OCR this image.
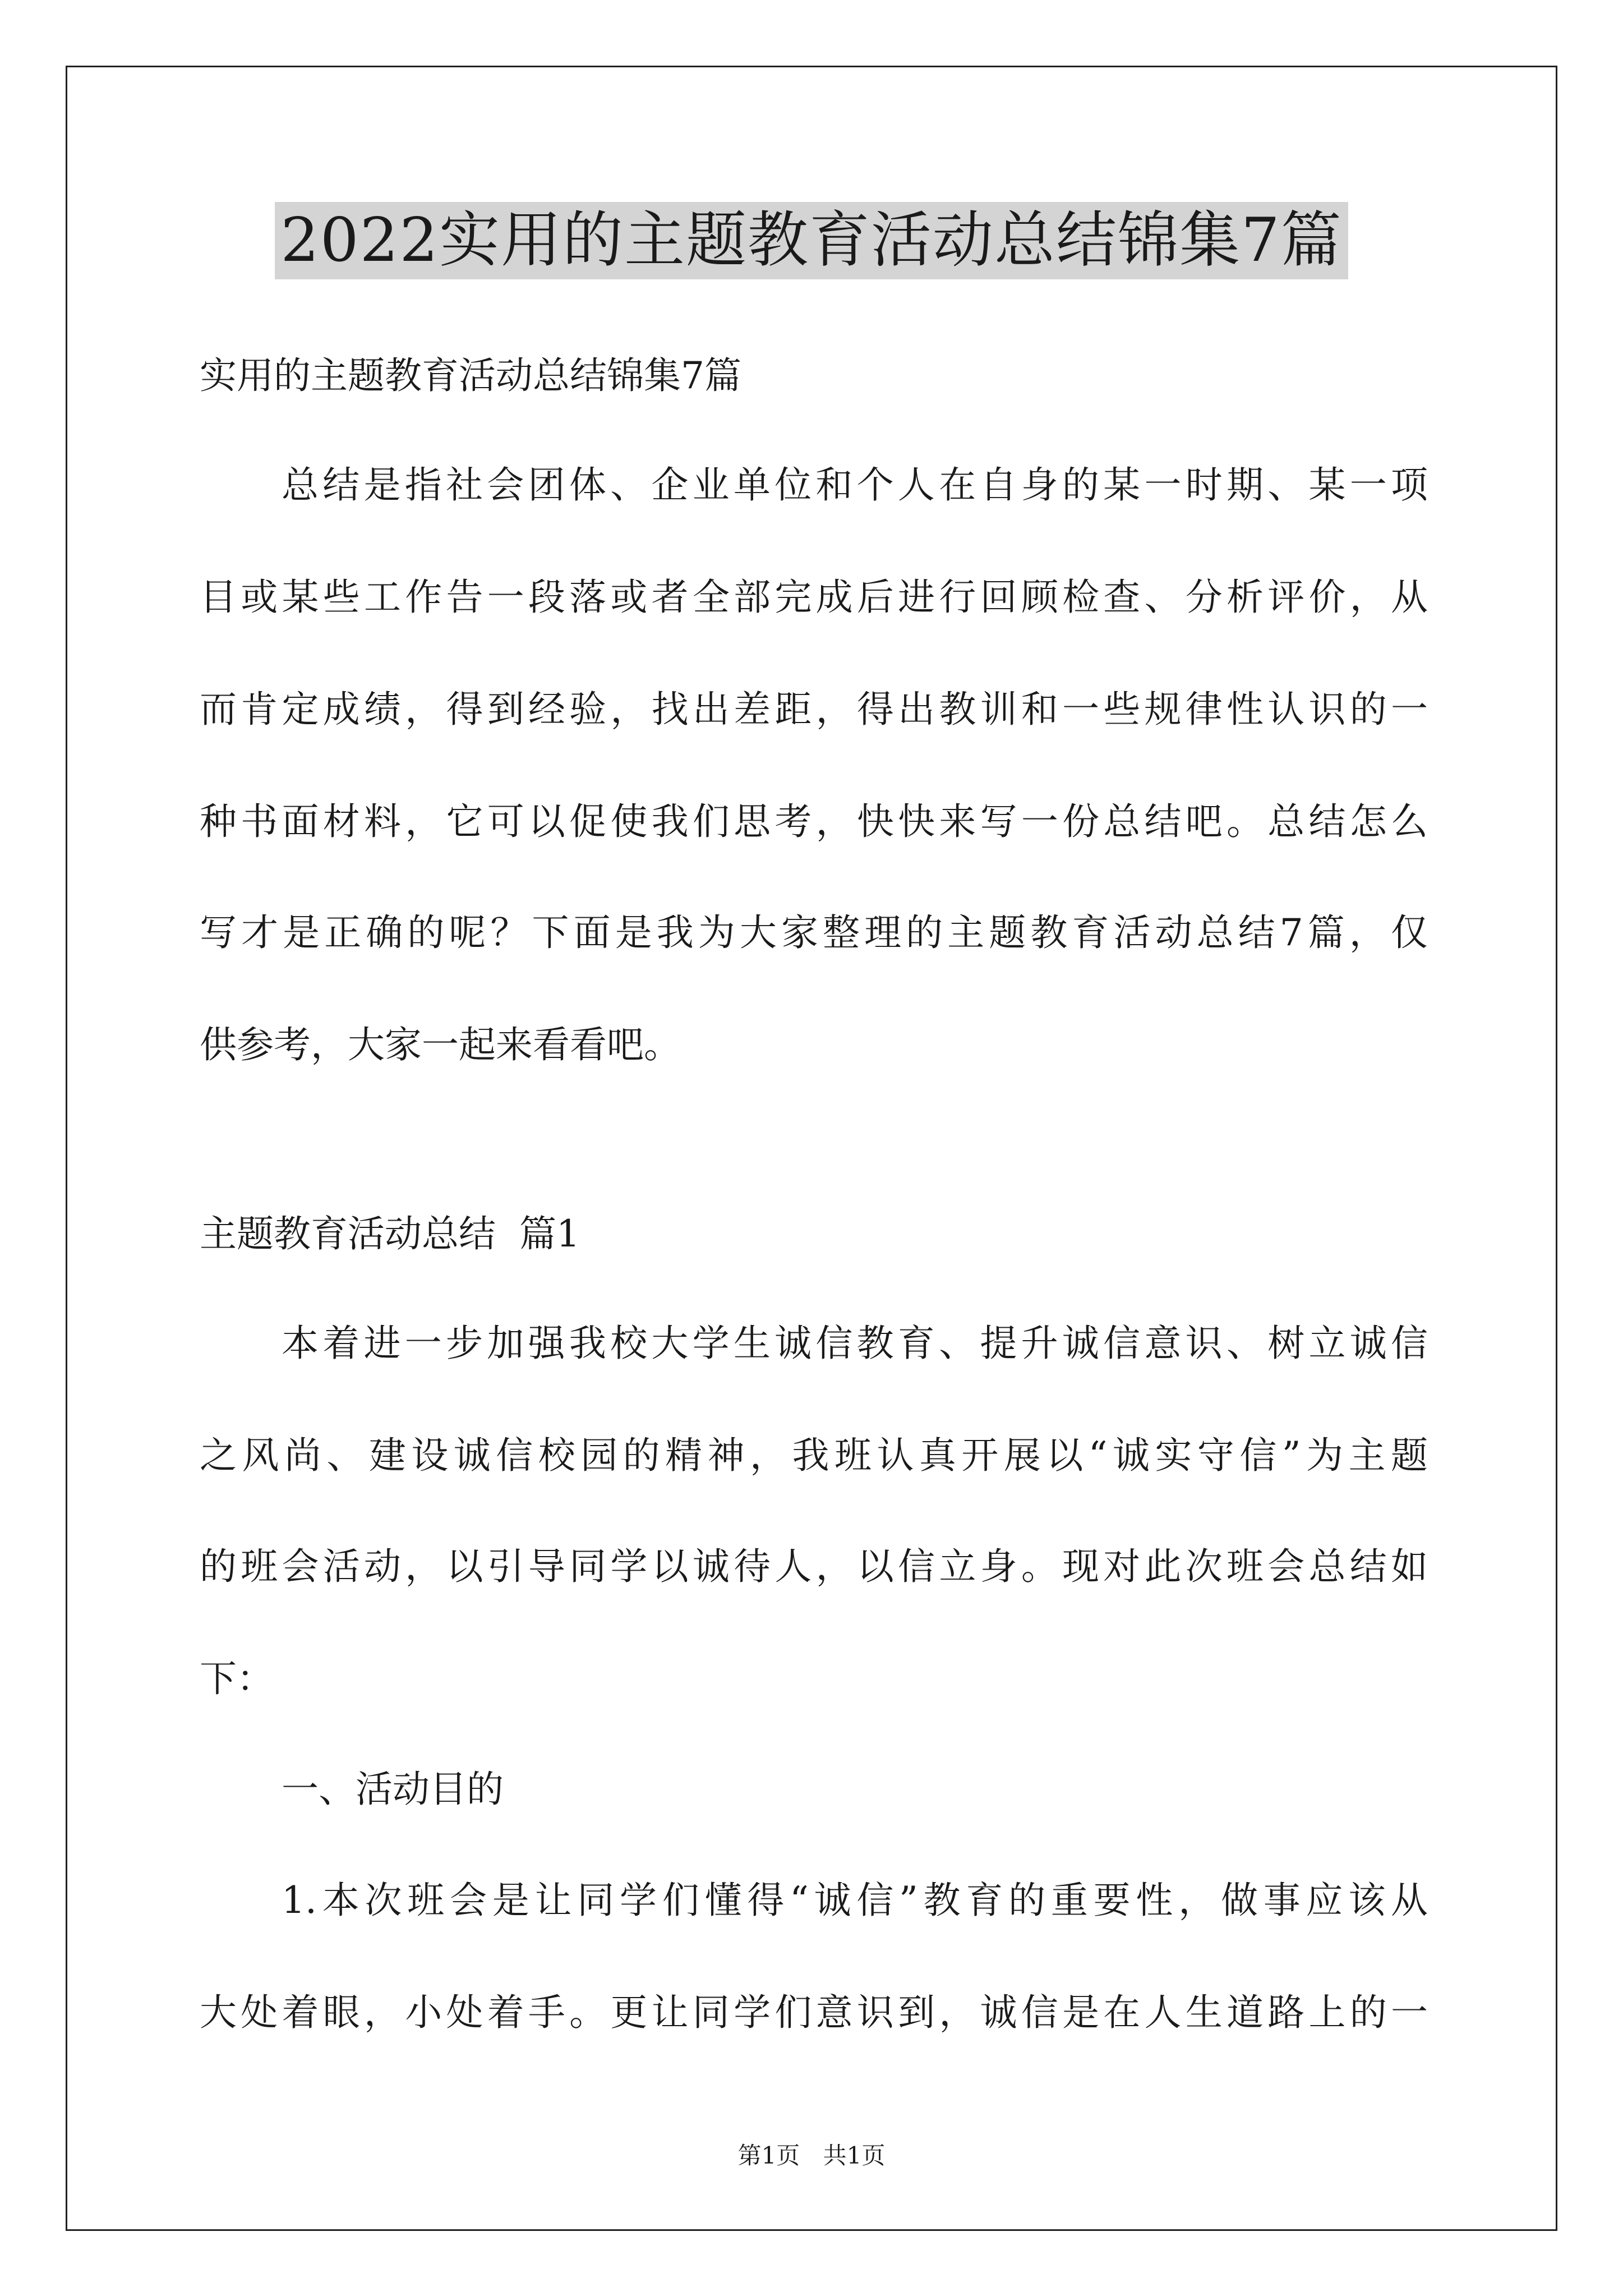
2022实用的主题教育活动总结锦集7篇
实用的主题教育活动总结锦集7篇
总结是指社会团体、企业单位和个人在自身的某一时期、某一项
目或某些工作告一段落或者全部完成后进行回顾检查、分析评价，从
而肯定成绩，得到经验，找出差距，得出教训和一些规律性认识的一
种书面材料，它可以促使我们思考，快快来写一份总结吧。总结怎么
写才是正确的呢？下面是我为大家整理的主题教育活动总结7篇，仅
供参考，大家一起来看看吧。
主题教育活动总结  篇1
本着进一步加强我校大学生诚信教育、提升诚信意识、树立诚信
之风尚、建设诚信校园的精神，我班认真开展以“诚实守信”为主题
的班会活动，以引导同学以诚待人，以信立身。现对此次班会总结如
下：
一、活动目的
1.本次班会是让同学们懂得“诚信”教育的重要性，做事应该从
大处着眼，小处着手。更让同学们意识到，诚信是在人生道路上的一
第1页 共1页
